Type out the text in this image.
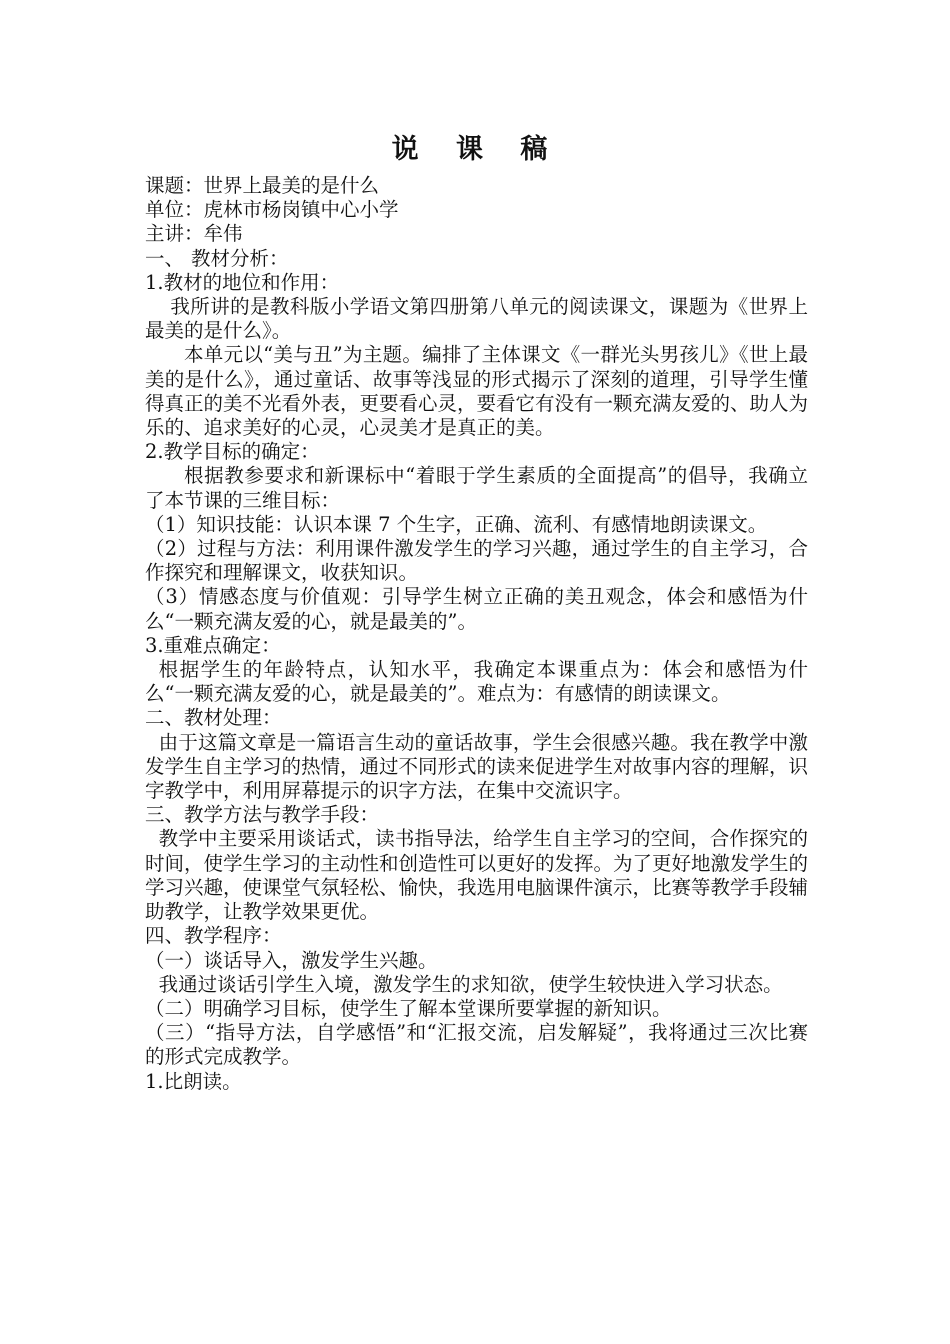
说 课 稿

课题：世界上最美的是什么

单位：虎林市杨岗镇中心小学

主讲：牟伟

一、 教材分析：

1.教材的地位和作用：

我所讲的是教科版小学语文第四册第八单元的阅读课文，课题为《世界上最美的是什么》。

本单元以“美与丑”为主题。编排了主体课文《一群光头男孩儿》《世上最美的是什么》，通过童话、故事等浅显的形式揭示了深刻的道理，引导学生懂得真正的美不光看外表，更要看心灵，要看它有没有一颗充满友爱的、助人为乐的、追求美好的心灵，心灵美才是真正的美。

2.教学目标的确定：

根据教参要求和新课标中“着眼于学生素质的全面提高”的倡导，我确立了本节课的三维目标：

（1）知识技能：认识本课 7 个生字，正确、流利、有感情地朗读课文。

（2）过程与方法：利用课件激发学生的学习兴趣，通过学生的自主学习，合作探究和理解课文，收获知识。

（3）情感态度与价值观：引导学生树立正确的美丑观念，体会和感悟为什么“一颗充满友爱的心，就是最美的”。

3.重难点确定：

根据学生的年龄特点，认知水平，我确定本课重点为：体会和感悟为什么“一颗充满友爱的心，就是最美的”。难点为：有感情的朗读课文。

二、教材处理：

由于这篇文章是一篇语言生动的童话故事，学生会很感兴趣。我在教学中激发学生自主学习的热情，通过不同形式的读来促进学生对故事内容的理解，识字教学中，利用屏幕提示的识字方法，在集中交流识字。

三、教学方法与教学手段：

教学中主要采用谈话式，读书指导法，给学生自主学习的空间，合作探究的时间，使学生学习的主动性和创造性可以更好的发挥。为了更好地激发学生的学习兴趣，使课堂气氛轻松、愉快，我选用电脑课件演示，比赛等教学手段辅助教学，让教学效果更优。

四、教学程序：

（一）谈话导入，激发学生兴趣。

我通过谈话引学生入境，激发学生的求知欲，使学生较快进入学习状态。

（二）明确学习目标，使学生了解本堂课所要掌握的新知识。

（三）“指导方法，自学感悟”和“汇报交流，启发解疑”，我将通过三次比赛的形式完成教学。

1.比朗读。
